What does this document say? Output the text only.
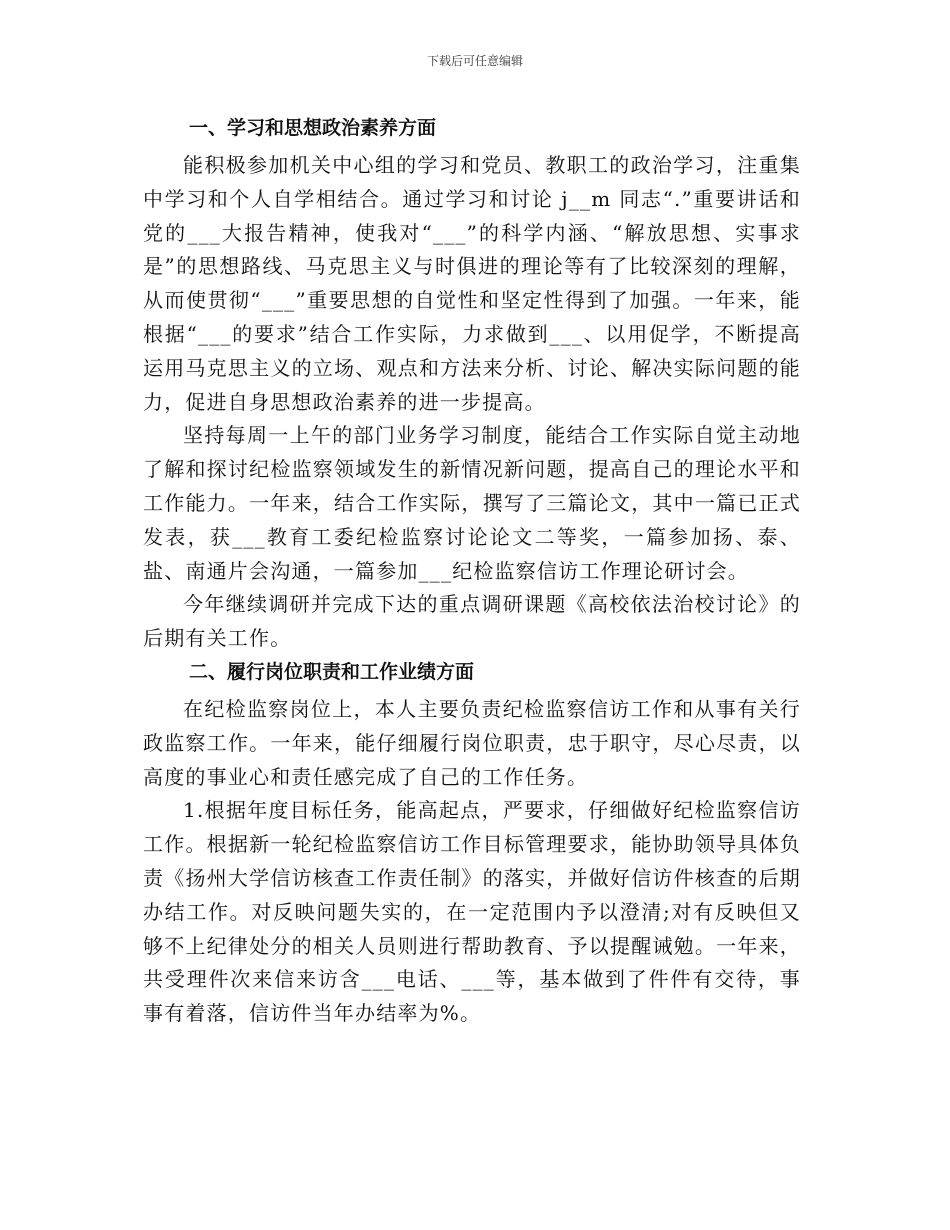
下载后可任意编辑
一、学习和思想政治素养方面

能积极参加机关中心组的学习和党员、教职工的政治学习，注重集中学习和个人自学相结合。通过学习和讨论 j__m 同志“.”重要讲话和党的___大报告精神，使我对“___”的科学内涵、“解放思想、实事求是”的思想路线、马克思主义与时俱进的理论等有了比较深刻的理解，从而使贯彻“___”重要思想的自觉性和坚定性得到了加强。一年来，能根据“___的要求”结合工作实际，力求做到___、以用促学，不断提高运用马克思主义的立场、观点和方法来分析、讨论、解决实际问题的能力，促进自身思想政治素养的进一步提高。

坚持每周一上午的部门业务学习制度，能结合工作实际自觉主动地了解和探讨纪检监察领域发生的新情况新问题，提高自己的理论水平和工作能力。一年来，结合工作实际，撰写了三篇论文，其中一篇已正式发表，获___教育工委纪检监察讨论论文二等奖，一篇参加扬、泰、盐、南通片会沟通，一篇参加___纪检监察信访工作理论研讨会。

今年继续调研并完成下达的重点调研课题《高校依法治校讨论》的后期有关工作。

二、履行岗位职责和工作业绩方面

在纪检监察岗位上，本人主要负责纪检监察信访工作和从事有关行政监察工作。一年来，能仔细履行岗位职责，忠于职守，尽心尽责，以高度的事业心和责任感完成了自己的工作任务。

1.根据年度目标任务，能高起点，严要求，仔细做好纪检监察信访工作。根据新一轮纪检监察信访工作目标管理要求，能协助领导具体负责《扬州大学信访核查工作责任制》的落实，并做好信访件核查的后期办结工作。对反映问题失实的，在一定范围内予以澄清;对有反映但又够不上纪律处分的相关人员则进行帮助教育、予以提醒诫勉。一年来，共受理件次来信来访含___电话、___等，基本做到了件件有交待，事事有着落，信访件当年办结率为%。
